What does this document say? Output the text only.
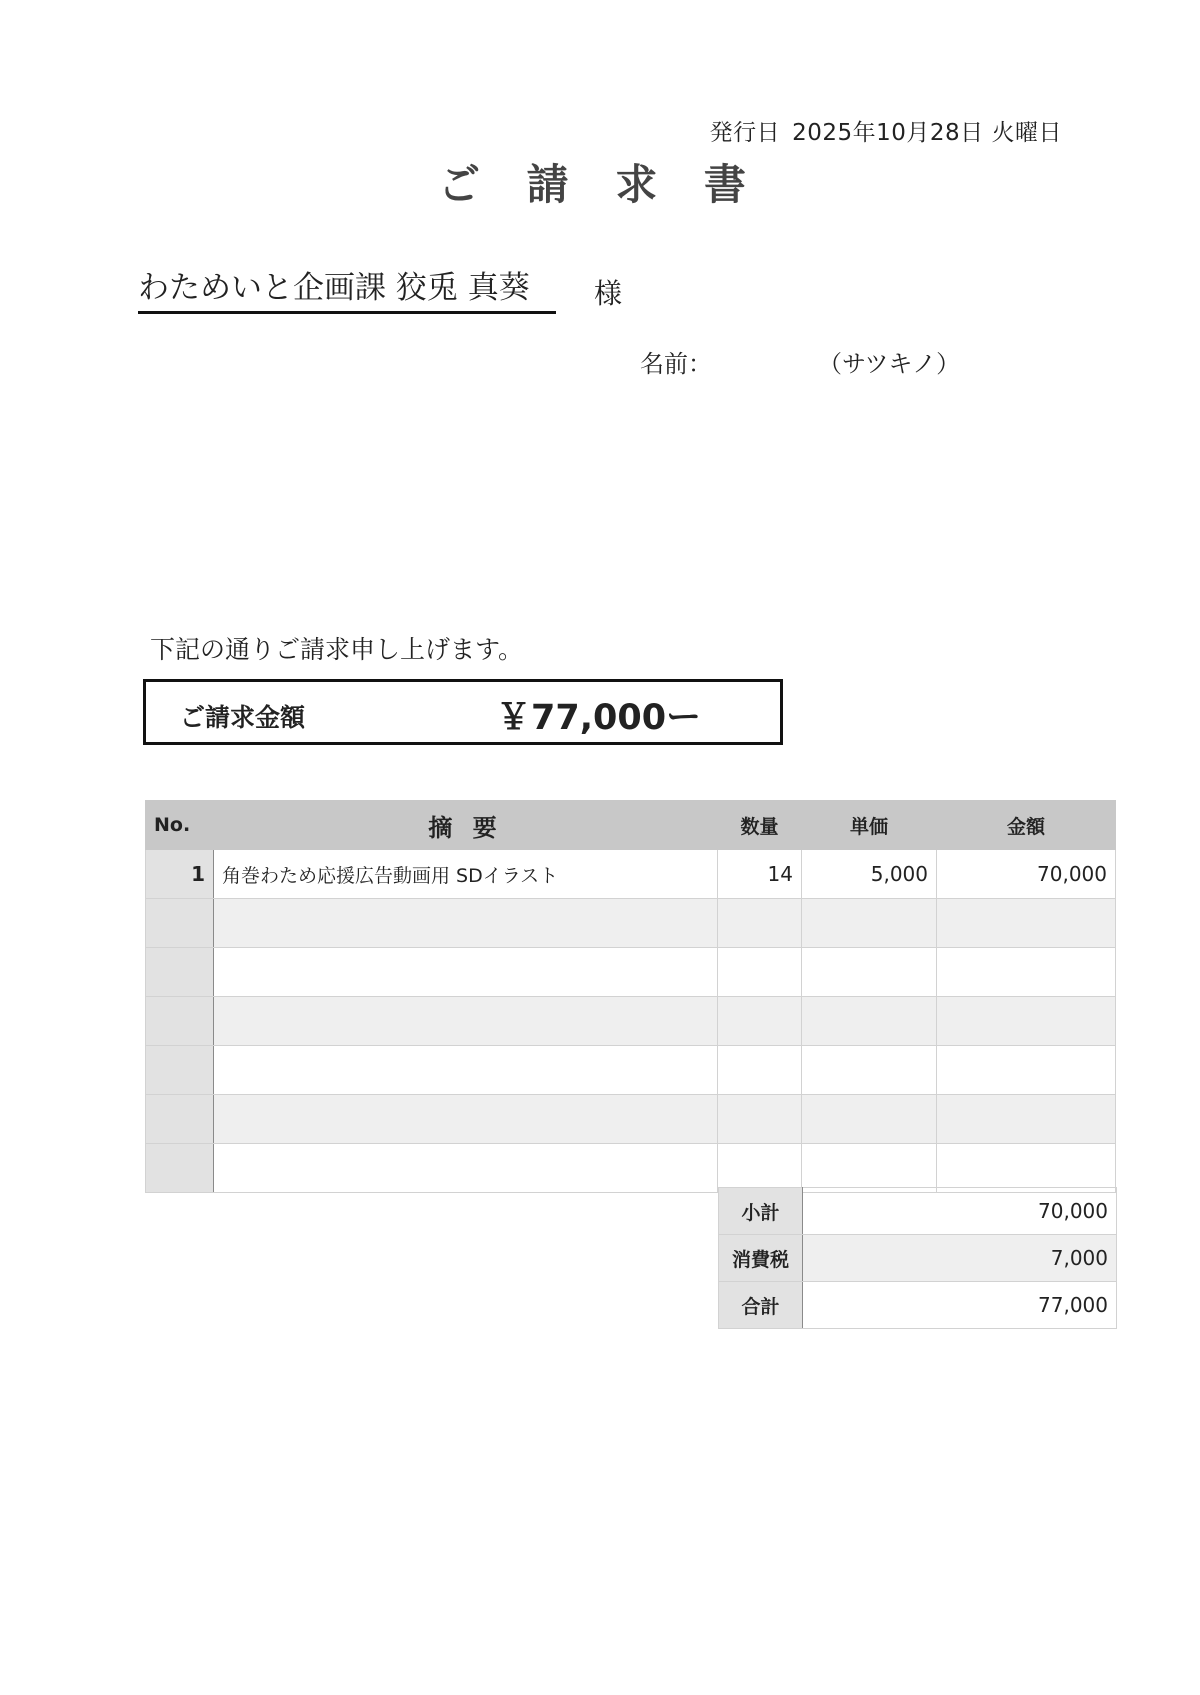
発行日 2025年10月28日 火曜日
ご 請 求 書
わためいと企画課 狡兎 真葵	様
名前：	（サツキノ）
下記の通りご請求申し上げます。
ご請求金額	￥77,000ー
No.	摘 要	数量	単価	金額
1	角巻わため応援広告動画用 SDイラスト	14	5,000	70,000

小計	70,000
消費税	7,000
合計	77,000
